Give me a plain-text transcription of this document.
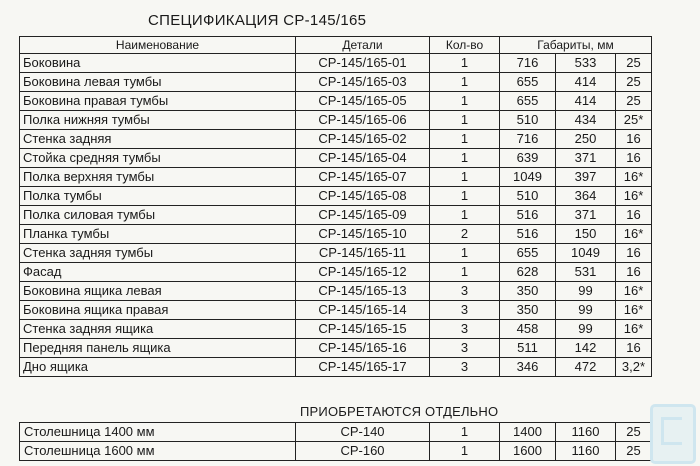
СПЕЦИФИКАЦИЯ СР-145/165
Наименование	Детали	Кол-во	Габариты, мм		
Боковина	СР-145/165-01	1	716	533	25
Боковина левая тумбы	СР-145/165-03	1	655	414	25
Боковина правая тумбы	СР-145/165-05	1	655	414	25
Полка нижняя тумбы	СР-145/165-06	1	510	434	25*
Стенка задняя	СР-145/165-02	1	716	250	16
Стойка средняя тумбы	СР-145/165-04	1	639	371	16
Полка верхняя тумбы	СР-145/165-07	1	1049	397	16*
Полка тумбы	СР-145/165-08	1	510	364	16*
Полка силовая тумбы	СР-145/165-09	1	516	371	16
Планка тумбы	СР-145/165-10	2	516	150	16*
Стенка задняя тумбы	СР-145/165-11	1	655	1049	16
Фасад	СР-145/165-12	1	628	531	16
Боковина ящика левая	СР-145/165-13	3	350	99	16*
Боковина ящика правая	СР-145/165-14	3	350	99	16*
Стенка задняя ящика	СР-145/165-15	3	458	99	16*
Передняя панель ящика	СР-145/165-16	3	511	142	16
Дно ящика	СР-145/165-17	3	346	472	3,2*
ПРИОБРЕТАЮТСЯ ОТДЕЛЬНО
Столешница 1400 мм	СР-140	1	1400	1160	25
Столешница 1600 мм	СР-160	1	1600	1160	25
